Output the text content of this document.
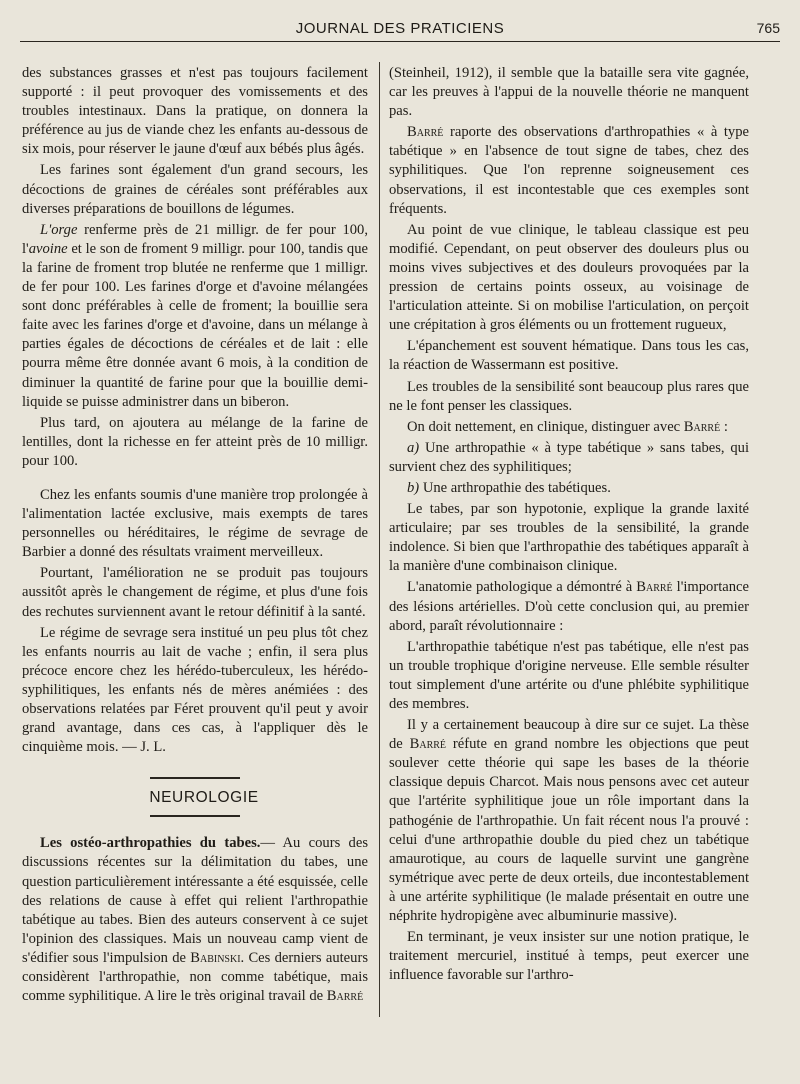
JOURNAL DES PRATICIENS	765

des substances grasses et n'est pas toujours facilement supporté : il peut provoquer des vomissements et des troubles intestinaux. Dans la pratique, on donnera la préférence au jus de viande chez les enfants au-dessous de six mois, pour réserver le jaune d'œuf aux bébés plus âgés.

Les farines sont également d'un grand secours, les décoctions de graines de céréales sont préférables aux diverses préparations de bouillons de légumes.

L'orge renferme près de 21 milligr. de fer pour 100, l'avoine et le son de froment 9 milligr. pour 100, tandis que la farine de froment trop blutée ne renferme que 1 milligr. de fer pour 100. Les farines d'orge et d'avoine mélangées sont donc préférables à celle de froment; la bouillie sera faite avec les farines d'orge et d'avoine, dans un mélange à parties égales de décoctions de céréales et de lait : elle pourra même être donnée avant 6 mois, à la condition de diminuer la quantité de farine pour que la bouillie demi-liquide se puisse administrer dans un biberon.

Plus tard, on ajoutera au mélange de la farine de lentilles, dont la richesse en fer atteint près de 10 milligr. pour 100.

Chez les enfants soumis d'une manière trop prolongée à l'alimentation lactée exclusive, mais exempts de tares personnelles ou héréditaires, le régime de sevrage de Barbier a donné des résultats vraiment merveilleux.

Pourtant, l'amélioration ne se produit pas toujours aussitôt après le changement de régime, et plus d'une fois des rechutes surviennent avant le retour définitif à la santé.

Le régime de sevrage sera institué un peu plus tôt chez les enfants nourris au lait de vache ; enfin, il sera plus précoce encore chez les hérédo-tuberculeux, les hérédo-syphilitiques, les enfants nés de mères anémiées : des observations relatées par Féret prouvent qu'il peut y avoir grand avantage, dans ces cas, à l'appliquer dès le cinquième mois. — J. L.

NEUROLOGIE

Les ostéo-arthropathies du tabes.— Au cours des discussions récentes sur la délimitation du tabes, une question particulièrement intéressante a été esquissée, celle des relations de cause à effet qui relient l'arthropathie tabétique au tabes. Bien des auteurs conservent à ce sujet l'opinion des classiques. Mais un nouveau camp vient de s'édifier sous l'impulsion de Babinski. Ces derniers auteurs considèrent l'arthropathie, non comme tabétique, mais comme syphilitique. A lire le très original travail de Barré

(Steinheil, 1912), il semble que la bataille sera vite gagnée, car les preuves à l'appui de la nouvelle théorie ne manquent pas.

Barré raporte des observations d'arthropathies « à type tabétique » en l'absence de tout signe de tabes, chez des syphilitiques. Que l'on reprenne soigneusement ces observations, il est incontestable que ces exemples sont fréquents.

Au point de vue clinique, le tableau classique est peu modifié. Cependant, on peut observer des douleurs plus ou moins vives subjectives et des douleurs provoquées par la pression de certains points osseux, au voisinage de l'articulation atteinte. Si on mobilise l'articulation, on perçoit une crépitation à gros éléments ou un frottement rugueux,

L'épanchement est souvent hématique. Dans tous les cas, la réaction de Wassermann est positive.

Les troubles de la sensibilité sont beaucoup plus rares que ne le font penser les classiques.

On doit nettement, en clinique, distinguer avec Barré :

a) Une arthropathie « à type tabétique » sans tabes, qui survient chez des syphilitiques;

b) Une arthropathie des tabétiques.

Le tabes, par son hypotonie, explique la grande laxité articulaire; par ses troubles de la sensibilité, la grande indolence. Si bien que l'arthropathie des tabétiques apparaît à la manière d'une combinaison clinique.

L'anatomie pathologique a démontré à Barré l'importance des lésions artérielles. D'où cette conclusion qui, au premier abord, paraît révolutionnaire :

L'arthropathie tabétique n'est pas tabétique, elle n'est pas un trouble trophique d'origine nerveuse. Elle semble résulter tout simplement d'une artérite ou d'une phlébite syphilitique des membres.

Il y a certainement beaucoup à dire sur ce sujet. La thèse de Barré réfute en grand nombre les objections que peut soulever cette théorie qui sape les bases de la théorie classique depuis Charcot. Mais nous pensons avec cet auteur que l'artérite syphilitique joue un rôle important dans la pathogénie de l'arthropathie. Un fait récent nous l'a prouvé : celui d'une arthropathie double du pied chez un tabétique amaurotique, au cours de laquelle survint une gangrène symétrique avec perte de deux orteils, due incontestablement à une artérite syphilitique (le malade présentait en outre une néphrite hydropigène avec albuminurie massive).

En terminant, je veux insister sur une notion pratique, le traitement mercuriel, institué à temps, peut exercer une influence favorable sur l'arthro-
